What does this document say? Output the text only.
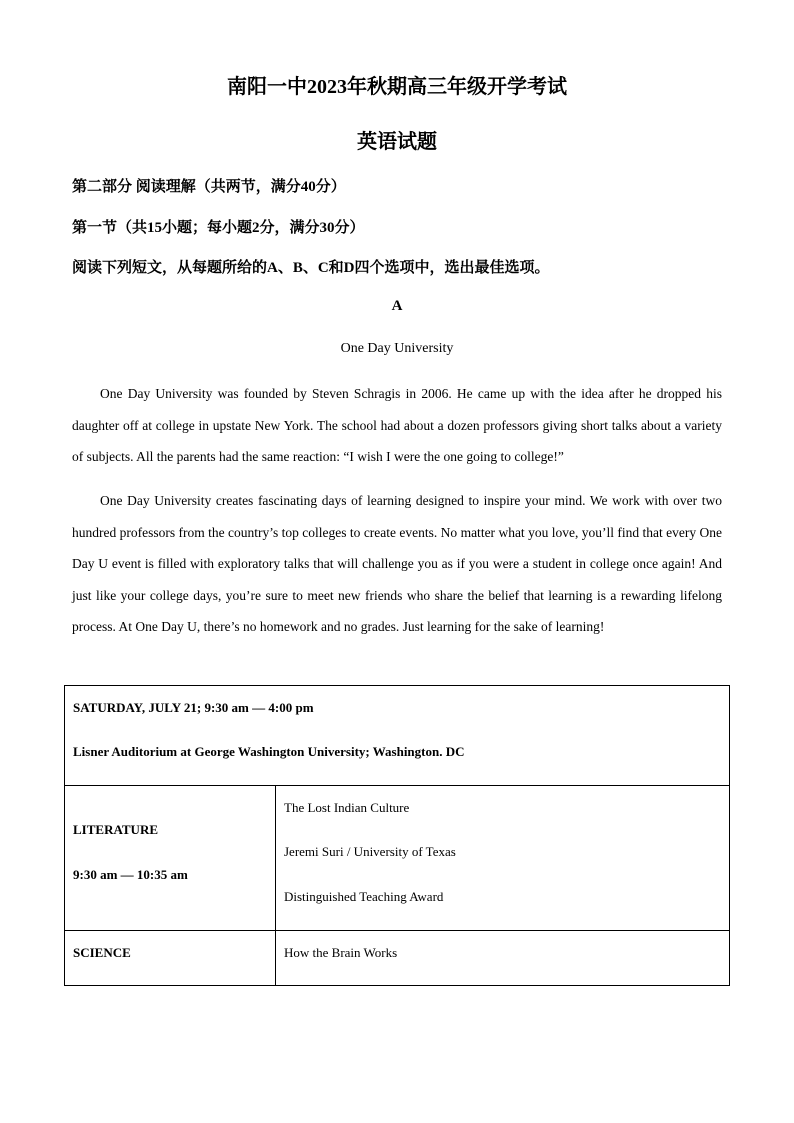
南阳一中2023年秋期高三年级开学考试
英语试题
第二部分 阅读理解（共两节，满分40分）
第一节（共15小题；每小题2分，满分30分）
阅读下列短文，从每题所给的A、B、C和D四个选项中，选出最佳选项。
A
One Day University

One Day University was founded by Steven Schragis in 2006. He came up with the idea after he dropped his daughter off at college in upstate New York. The school had about a dozen professors giving short talks about a variety of subjects. All the parents had the same reaction: “I wish I were the one going to college!”

One Day University creates fascinating days of learning designed to inspire your mind. We work with over two hundred professors from the country’s top colleges to create events. No matter what you love, you’ll find that every One Day U event is filled with exploratory talks that will challenge you as if you were a student in college once again! And just like your college days, you’re sure to meet new friends who share the belief that learning is a rewarding lifelong process. At One Day U, there’s no homework and no grades. Just learning for the sake of learning!

SATURDAY, JULY 21; 9:30 am — 4:00 pm
Lisner Auditorium at George Washington University; Washington. DC	

LITERATURE
9:30 am — 10:35 am	The Lost Indian Culture
Jeremi Suri / University of Texas
Distinguished Teaching Award

SCIENCE	How the Brain Works
